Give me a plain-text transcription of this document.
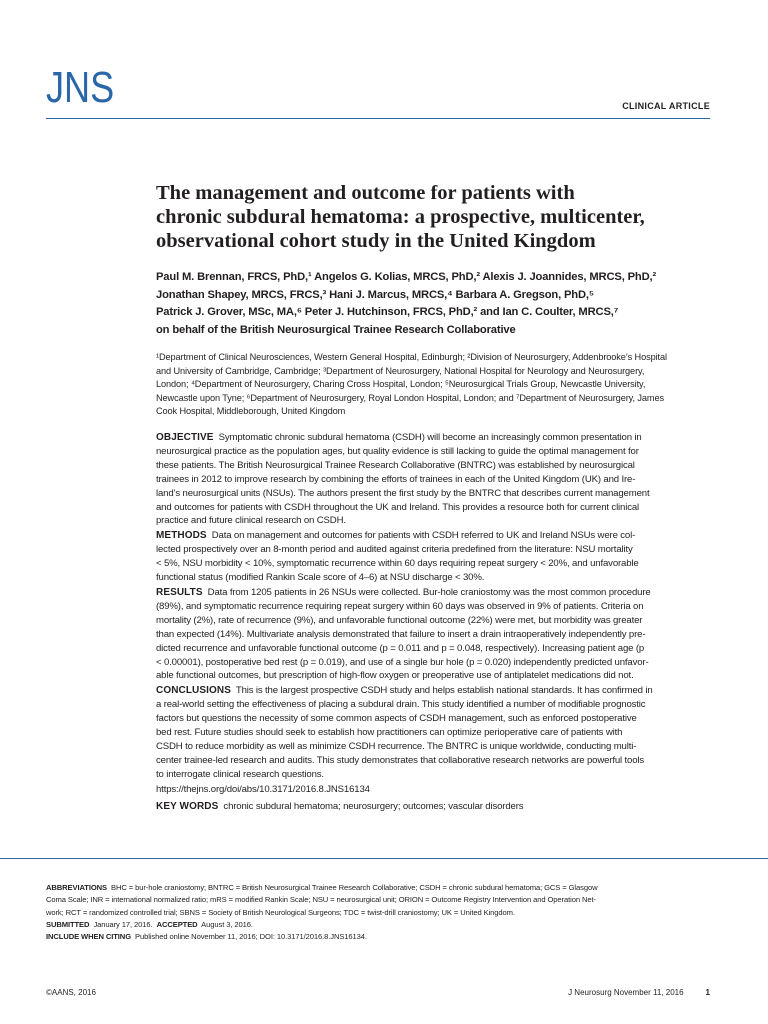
JNS	CLINICAL ARTICLE
The management and outcome for patients with
chronic subdural hematoma: a prospective, multicenter,
observational cohort study in the United Kingdom
Paul M. Brennan, FRCS, PhD,¹ Angelos G. Kolias, MRCS, PhD,² Alexis J. Joannides, MRCS, PhD,²
Jonathan Shapey, MRCS, FRCS,³ Hani J. Marcus, MRCS,⁴ Barbara A. Gregson, PhD,⁵
Patrick J. Grover, MSc, MA,⁶ Peter J. Hutchinson, FRCS, PhD,² and Ian C. Coulter, MRCS,⁷
on behalf of the British Neurosurgical Trainee Research Collaborative
¹Department of Clinical Neurosciences, Western General Hospital, Edinburgh; ²Division of Neurosurgery, Addenbrooke’s Hospital
and University of Cambridge, Cambridge; ³Department of Neurosurgery, National Hospital for Neurology and Neurosurgery,
London; ⁴Department of Neurosurgery, Charing Cross Hospital, London; ⁵Neurosurgical Trials Group, Newcastle University,
Newcastle upon Tyne; ⁶Department of Neurosurgery, Royal London Hospital, London; and ⁷Department of Neurosurgery, James
Cook Hospital, Middleborough, United Kingdom
OBJECTIVE Symptomatic chronic subdural hematoma (CSDH) will become an increasingly common presentation in
neurosurgical practice as the population ages, but quality evidence is still lacking to guide the optimal management for
these patients. The British Neurosurgical Trainee Research Collaborative (BNTRC) was established by neurosurgical
trainees in 2012 to improve research by combining the efforts of trainees in each of the United Kingdom (UK) and Ire-
land’s neurosurgical units (NSUs). The authors present the first study by the BNTRC that describes current management
and outcomes for patients with CSDH throughout the UK and Ireland. This provides a resource both for current clinical
practice and future clinical research on CSDH.
METHODS Data on management and outcomes for patients with CSDH referred to UK and Ireland NSUs were col-
lected prospectively over an 8-month period and audited against criteria predefined from the literature: NSU mortality
< 5%, NSU morbidity < 10%, symptomatic recurrence within 60 days requiring repeat surgery < 20%, and unfavorable
functional status (modified Rankin Scale score of 4–6) at NSU discharge < 30%.
RESULTS Data from 1205 patients in 26 NSUs were collected. Bur-hole craniostomy was the most common procedure
(89%), and symptomatic recurrence requiring repeat surgery within 60 days was observed in 9% of patients. Criteria on
mortality (2%), rate of recurrence (9%), and unfavorable functional outcome (22%) were met, but morbidity was greater
than expected (14%). Multivariate analysis demonstrated that failure to insert a drain intraoperatively independently pre-
dicted recurrence and unfavorable functional outcome (p = 0.011 and p = 0.048, respectively). Increasing patient age (p
< 0.00001), postoperative bed rest (p = 0.019), and use of a single bur hole (p = 0.020) independently predicted unfavor-
able functional outcomes, but prescription of high-flow oxygen or preoperative use of antiplatelet medications did not.
CONCLUSIONS This is the largest prospective CSDH study and helps establish national standards. It has confirmed in
a real-world setting the effectiveness of placing a subdural drain. This study identified a number of modifiable prognostic
factors but questions the necessity of some common aspects of CSDH management, such as enforced postoperative
bed rest. Future studies should seek to establish how practitioners can optimize perioperative care of patients with
CSDH to reduce morbidity as well as minimize CSDH recurrence. The BNTRC is unique worldwide, conducting multi-
center trainee-led research and audits. This study demonstrates that collaborative research networks are powerful tools
to interrogate clinical research questions.
https://thejns.org/doi/abs/10.3171/2016.8.JNS16134
KEY WORDS chronic subdural hematoma; neurosurgery; outcomes; vascular disorders
ABBREVIATIONS BHC = bur-hole craniostomy; BNTRC = British Neurosurgical Trainee Research Collaborative; CSDH = chronic subdural hematoma; GCS = Glasgow
Coma Scale; INR = international normalized ratio; mRS = modified Rankin Scale; NSU = neurosurgical unit; ORION = Outcome Registry Intervention and Operation Net-
work; RCT = randomized controlled trial; SBNS = Society of British Neurological Surgeons; TDC = twist-drill craniostomy; UK = United Kingdom.
SUBMITTED January 17, 2016. ACCEPTED August 3, 2016.
INCLUDE WHEN CITING Published online November 11, 2016; DOI: 10.3171/2016.8.JNS16134.
©AANS, 2016	J Neurosurg November 11, 2016	1
